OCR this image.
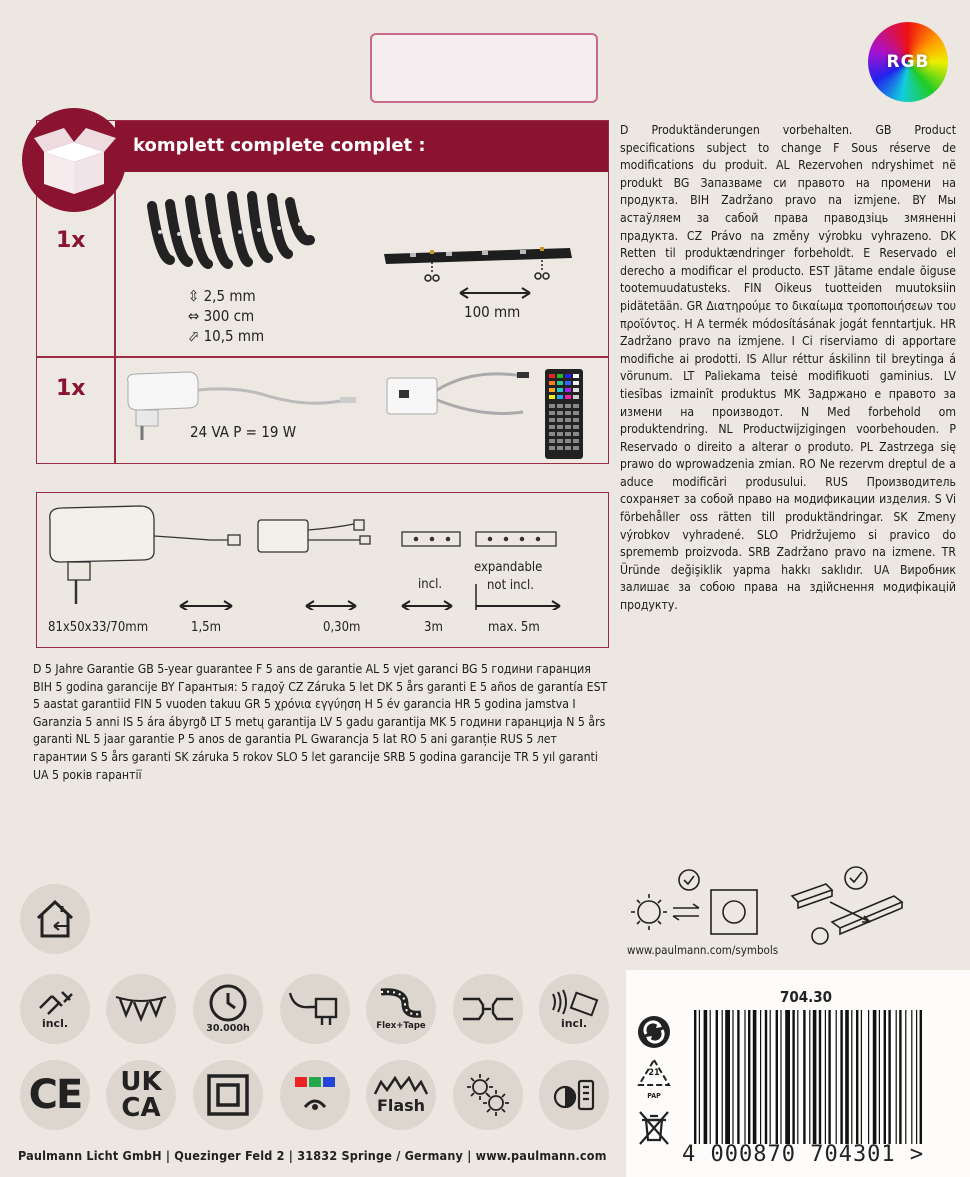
RGB
komplett complete complet :
1x
⇳ 2,5 mm
⇔ 300 cm
⬀ 10,5 mm
100 mm
1x
24 VA P = 19 W
81x50x33/70mm	1,5m	0,30m
incl.
3m
expandable
not incl.
max. 5m
D Produktänderungen vorbehalten. GB Product specifications subject to change F Sous réserve de modifications du produit. AL Rezervohen ndryshimet në produkt BG Запазваме си правото на промени на продукта. BIH Zadržano pravo na izmjene. BY Мы астаўляем за сабой права праводзіць змяненні прадукта. CZ Právo na změny výrobku vyhrazeno. DK Retten til produktændringer forbeholdt. E Reservado el derecho a modificar el producto. EST Jätame endale õiguse tootemuudatusteks. FIN Oikeus tuotteiden muutoksiin pidätetään. GR Διατηρούμε το δικαίωμα τροποποιήσεων του προϊόντος. H A termék módosításának jogát fenntartjuk. HR Zadržano pravo na izmjene. I Ci riserviamo di apportare modifiche ai prodotti. IS Allur réttur áskilinn til breytinga á vörunum. LT Paliekama teisė modifikuoti gaminius. LV tiesības izmainīt produktus MK Задржано е правото за измени на производот. N Med forbehold om produktendring. NL Productwijzigingen voorbehouden. P Reservado o direito a alterar o produto. PL Zastrzega się prawo do wprowadzenia zmian. RO Ne rezervm dreptul de a aduce modificări produsului. RUS Производитель сохраняет за собой право на модификации изделия. S Vi förbehåller oss rätten till produktändringar. SK Zmeny výrobkov vyhradené. SLO Pridržujemo si pravico do sprememb proizvoda. SRB Zadržano pravo na izmene. TR Üründe değişiklik yapma hakkı saklıdır. UA Виробник залишає за собою права на здійснення модифікацій продукту.
D 5 Jahre Garantie GB 5-year guarantee F 5 ans de garantie AL 5 vjet garanci BG 5 години гаранция BIH 5 godina garancije BY Гарантыя: 5 гадоў CZ Záruka 5 let DK 5 års garanti E 5 años de garantía EST 5 aastat garantiid FIN 5 vuoden takuu GR 5 χρόνια εγγύηση H 5 év garancia HR 5 godina jamstva I Garanzia 5 anni IS 5 ára ábyrgð LT 5 metų garantija LV 5 gadu garantija MK 5 години гаранција N 5 års garanti NL 5 jaar garantie P 5 anos de garantia PL Gwarancja 5 lat RO 5 ani garanție RUS 5 лет гарантии S 5 års garanti SK záruka 5 rokov SLO 5 let garancije SRB 5 godina garancije TR 5 yıl garanti UA 5 років гарантії
www.paulmann.com/symbols
incl.	30.000h	Flex+Tape	incl.
CE UK
CA	Flash
Paulmann Licht GmbH | Quezinger Feld 2 | 31832 Springe / Germany | www.paulmann.com
704.30
21
PAP
4 000870 704301 >
